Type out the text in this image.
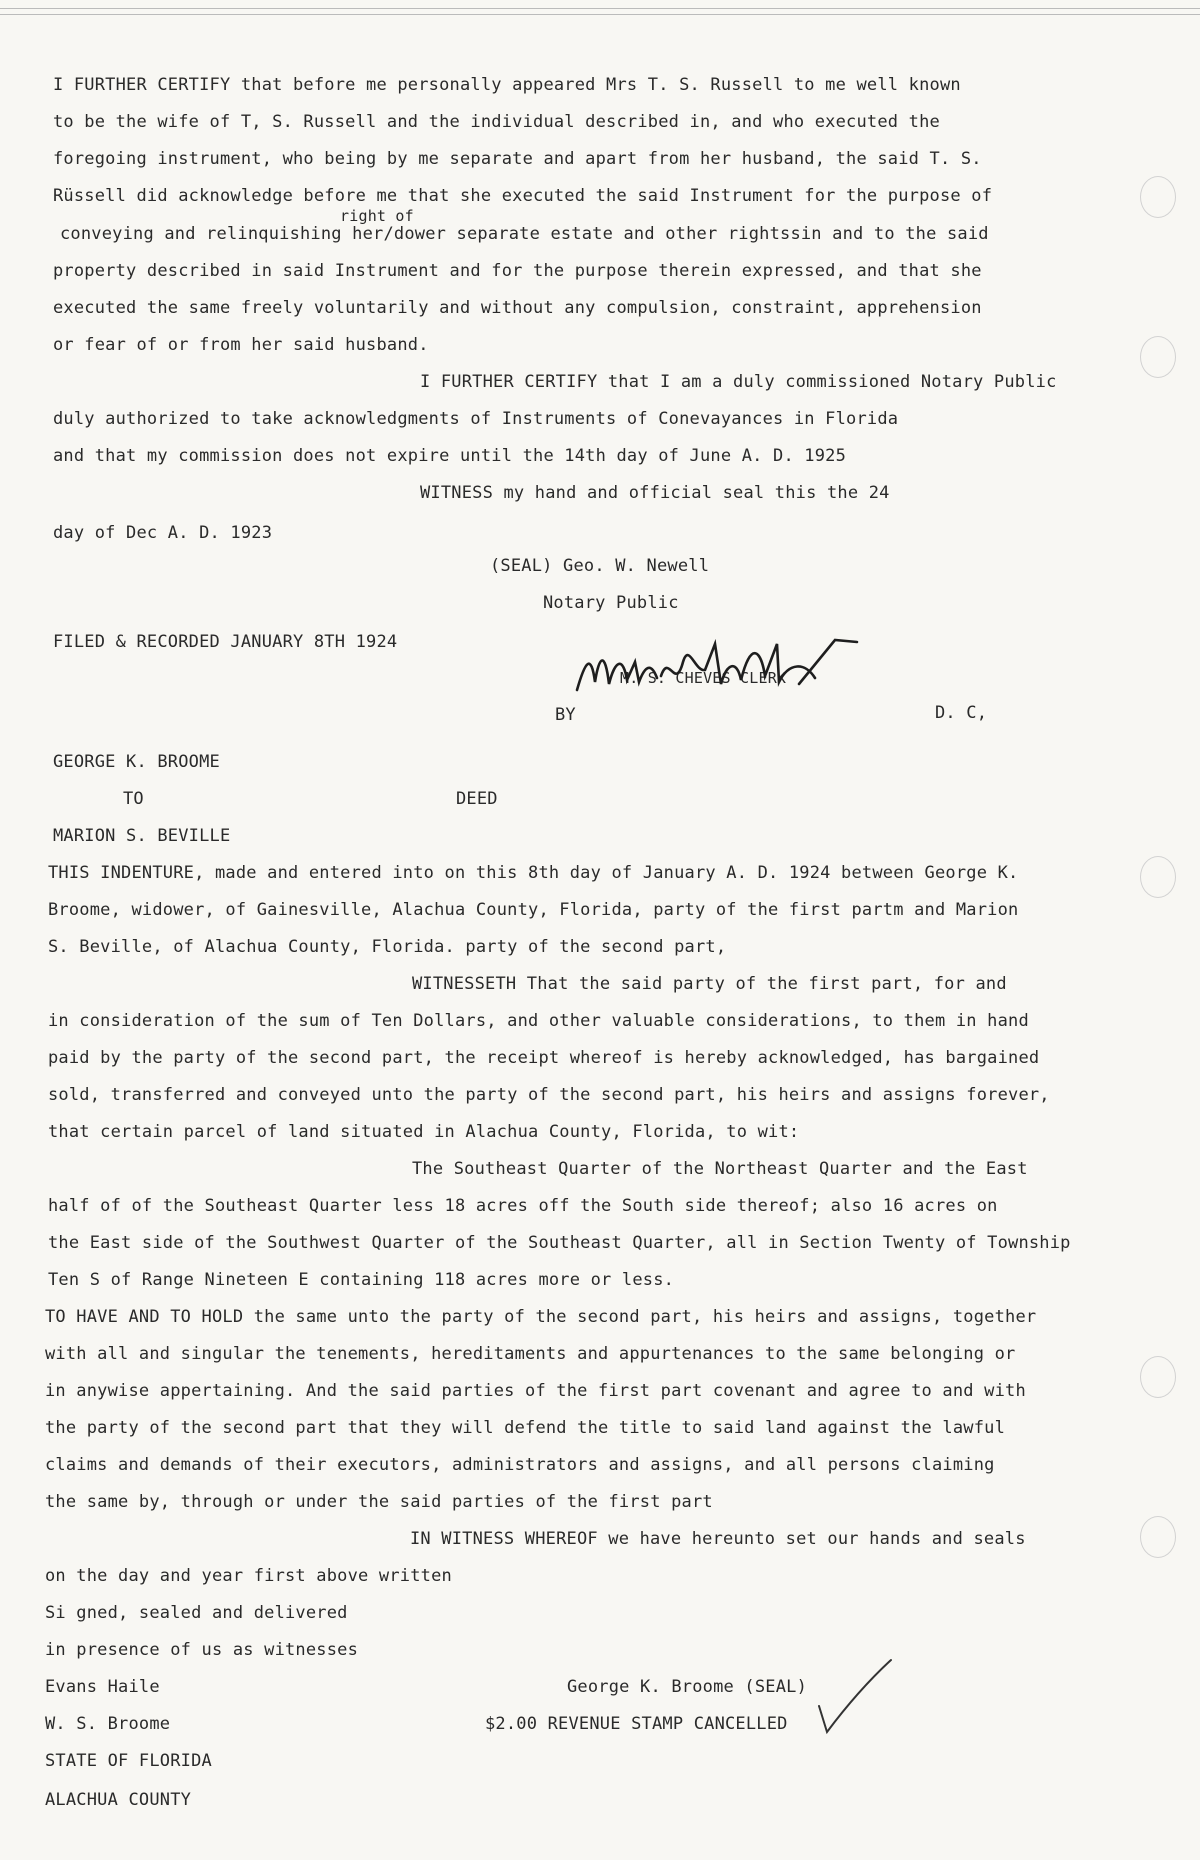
I FURTHER CERTIFY that before me personally appeared Mrs T. S. Russell to me well known
to be the wife of T, S. Russell and the individual described in, and who executed the
foregoing instrument, who being by me separate and apart from her husband, the said T. S.
Rüssell did acknowledge before me that she executed the said Instrument for the purpose of
right of
conveying and relinquishing her/dower separate estate and other rightssin and to the said
property described in said Instrument and for the purpose therein expressed, and that she
executed the same freely voluntarily and without any compulsion, constraint, apprehension
or fear of or from her said husband.
I FURTHER CERTIFY that I am a duly commissioned Notary Public
duly authorized to take acknowledgments of Instruments of Conevayances in Florida
and that my commission does not expire until the 14th day of June A. D. 1925
WITNESS my hand and official seal this the 24
day of Dec A. D. 1923
(SEAL) Geo. W. Newell
Notary Public
FILED & RECORDED JANUARY 8TH 1924
M. S. CHEVES CLERK
BY	D. C,
GEORGE K. BROOME
TO	DEED
MARION S. BEVILLE
THIS INDENTURE, made and entered into on this 8th day of January A. D. 1924 between George K.
Broome, widower, of Gainesville, Alachua County, Florida, party of the first partm and Marion
S. Beville, of Alachua County, Florida. party of the second part,
WITNESSETH That the said party of the first part, for and
in consideration of the sum of Ten Dollars, and other valuable considerations, to them in hand
paid by the party of the second part, the receipt whereof is hereby acknowledged, has bargained
sold, transferred and conveyed unto the party of the second part, his heirs and assigns forever,
that certain parcel of land situated in Alachua County, Florida, to wit:
The Southeast Quarter of the Northeast Quarter and the East
half of of the Southeast Quarter less 18 acres off the South side thereof; also 16 acres on
the East side of the Southwest Quarter of the Southeast Quarter, all in Section Twenty of Township
Ten S of Range Nineteen E containing 118 acres more or less.
TO HAVE AND TO HOLD the same unto the party of the second part, his heirs and assigns, together
with all and singular the tenements, hereditaments and appurtenances to the same belonging or
in anywise appertaining. And the said parties of the first part covenant and agree to and with
the party of the second part that they will defend the title to said land against the lawful
claims and demands of their executors, administrators and assigns, and all persons claiming
the same by, through or under the said parties of the first part
IN WITNESS WHEREOF we have hereunto set our hands and seals
on the day and year first above written
Si gned, sealed and delivered
in presence of us as witnesses
Evans Haile	George K. Broome (SEAL)
W. S. Broome	$2.00 REVENUE STAMP CANCELLED
STATE OF FLORIDA
ALACHUA COUNTY
